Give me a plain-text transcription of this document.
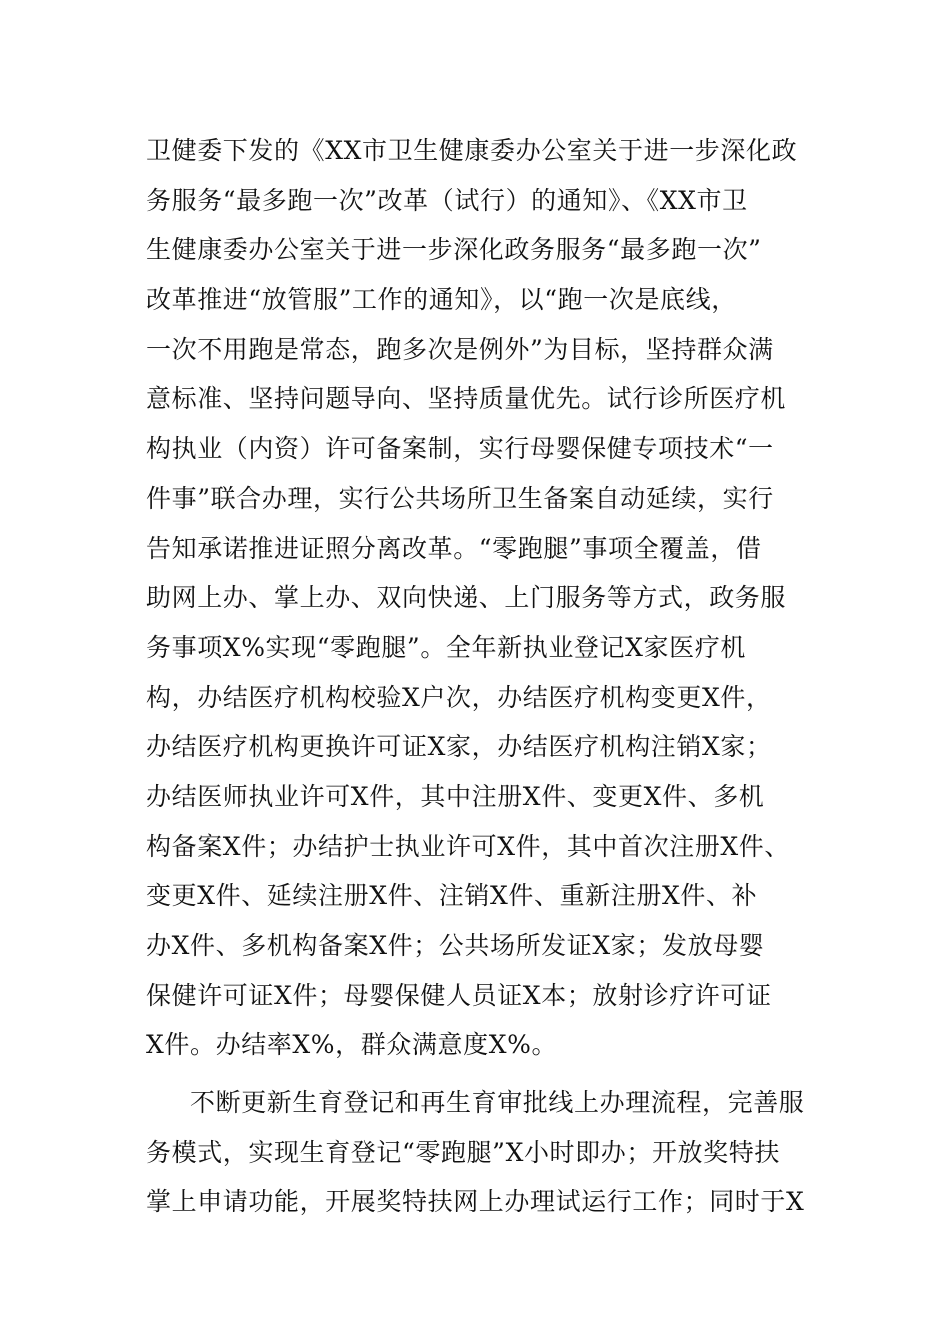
卫健委下发的《XX市卫生健康委办公室关于进一步深化政
务服务“最多跑一次”改革（试行）的通知》、《XX市卫
生健康委办公室关于进一步深化政务服务“最多跑一次”
改革推进“放管服”工作的通知》，以“跑一次是底线，
一次不用跑是常态，跑多次是例外”为目标，坚持群众满
意标准、坚持问题导向、坚持质量优先。试行诊所医疗机
构执业（内资）许可备案制，实行母婴保健专项技术“一
件事”联合办理，实行公共场所卫生备案自动延续，实行
告知承诺推进证照分离改革。“零跑腿”事项全覆盖，借
助网上办、掌上办、双向快递、上门服务等方式，政务服
务事项X%实现“零跑腿”。全年新执业登记X家医疗机
构，办结医疗机构校验X户次，办结医疗机构变更X件，
办结医疗机构更换许可证X家，办结医疗机构注销X家；
办结医师执业许可X件，其中注册X件、变更X件、多机
构备案X件；办结护士执业许可X件，其中首次注册X件、
变更X件、延续注册X件、注销X件、重新注册X件、补
办X件、多机构备案X件；公共场所发证X家；发放母婴
保健许可证X件；母婴保健人员证X本；放射诊疗许可证
X件。办结率X%，群众满意度X%。
不断更新生育登记和再生育审批线上办理流程，完善服
务模式，实现生育登记“零跑腿”X小时即办；开放奖特扶
掌上申请功能，开展奖特扶网上办理试运行工作；同时于X
